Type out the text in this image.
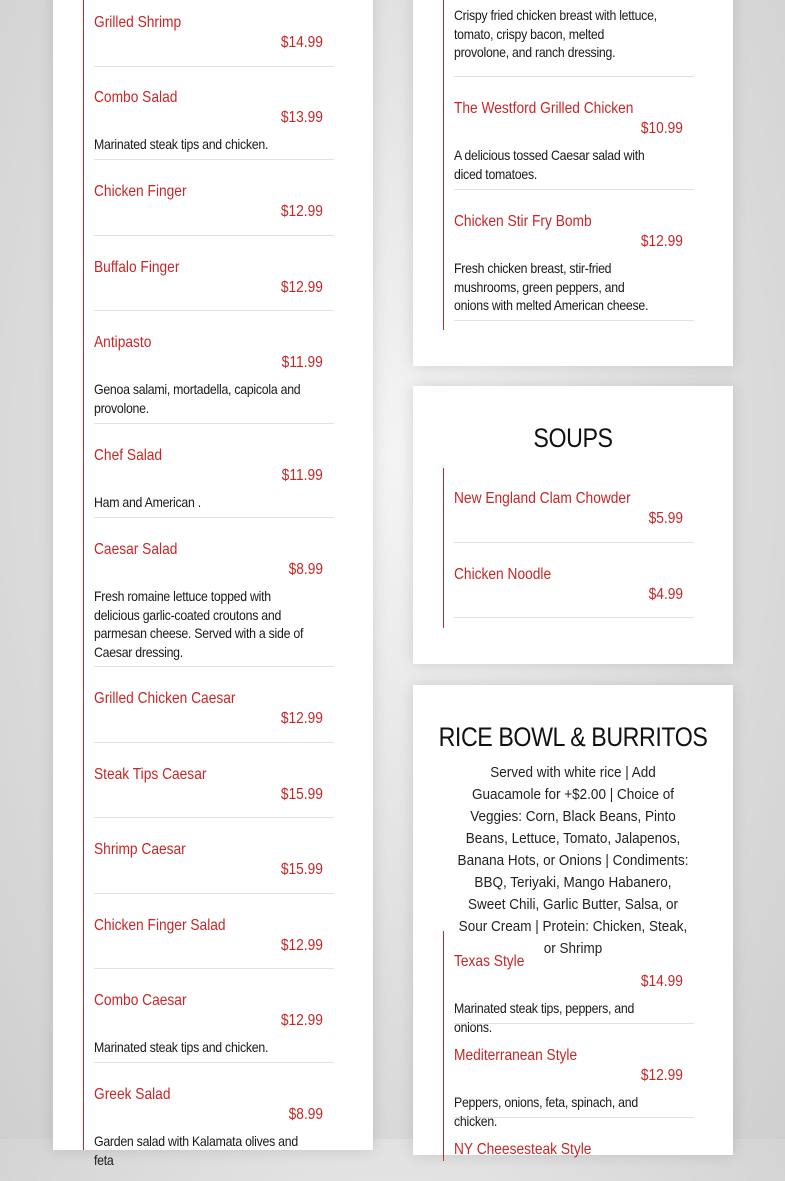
Grilled Shrimp
$14.99
Combo Salad
$13.99
Marinated steak tips and chicken.
Chicken Finger
$12.99
Buffalo Finger
$12.99
Antipasto
$11.99
Genoa salami, mortadella, capicola and provolone.
Chef Salad
$11.99
Ham and American .
Caesar Salad
$8.99
Fresh romaine lettuce topped with delicious garlic-coated croutons and parmesan cheese. Served with a side of Caesar dressing.
Grilled Chicken Caesar
$12.99
Steak Tips Caesar
$15.99
Shrimp Caesar
$15.99
Chicken Finger Salad
$12.99
Combo Caesar
$12.99
Marinated steak tips and chicken.
Greek Salad
$8.99
Garden salad with Kalamata olives and feta
Crispy fried chicken breast with lettuce, tomato, crispy bacon, melted provolone, and ranch dressing.
The Westford Grilled Chicken
$10.99
A delicious tossed Caesar salad with diced tomatoes.
Chicken Stir Fry Bomb
$12.99
Fresh chicken breast, stir-fried mushrooms, green peppers, and onions with melted American cheese.
SOUPS
New England Clam Chowder
$5.99
Chicken Noodle
$4.99
RICE BOWL & BURRITOS
Served with white rice | Add Guacamole for +$2.00 | Choice of Veggies: Corn, Black Beans, Pinto Beans, Lettuce, Tomato, Jalapenos, Banana Hots, or Onions | Condiments: BBQ, Teriyaki, Mango Habanero, Sweet Chili, Garlic Butter, Salsa, or Sour Cream | Protein: Chicken, Steak, or Shrimp
Texas Style
$14.99
Marinated steak tips, peppers, and onions.
Mediterranean Style
$12.99
Peppers, onions, feta, spinach, and chicken.
NY Cheesesteak Style
